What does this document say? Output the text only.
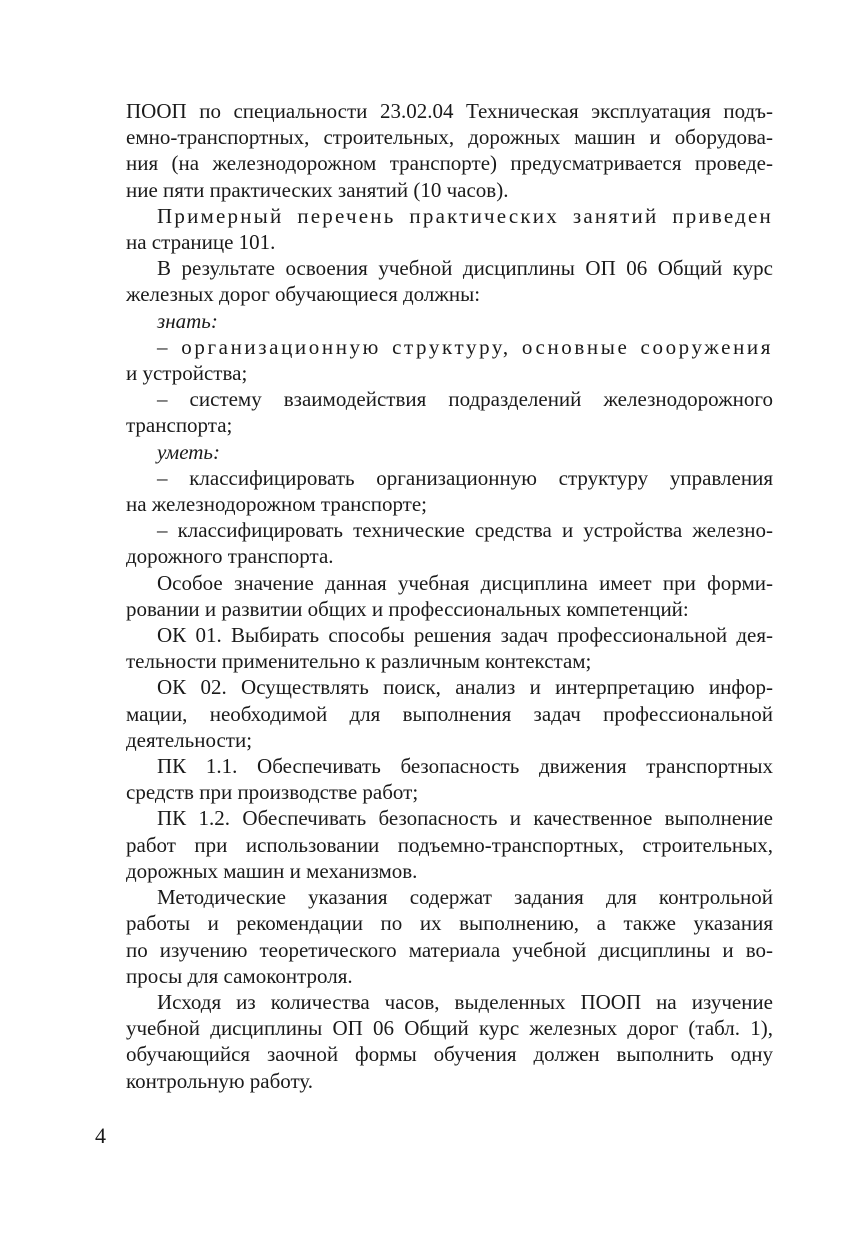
ПООП по специальности 23.02.04 Техническая эксплуатация подъ-
емно-транспортных, строительных, дорожных машин и оборудова-
ния (на железнодорожном транспорте) предусматривается проведе-
ние пяти практических занятий (10 часов).

Примерный перечень практических занятий приведен
на странице 101.

В результате освоения учебной дисциплины ОП 06 Общий курс
железных дорог обучающиеся должны:

знать:

– организационную структуру, основные сооружения
и устройства;

– систему взаимодействия подразделений железнодорожного
транспорта;

уметь:

– классифицировать организационную структуру управления
на железнодорожном транспорте;

– классифицировать технические средства и устройства железно-
дорожного транспорта.

Особое значение данная учебная дисциплина имеет при форми-
ровании и развитии общих и профессиональных компетенций:

ОК 01. Выбирать способы решения задач профессиональной дея-
тельности применительно к различным контекстам;

ОК 02. Осуществлять поиск, анализ и интерпретацию инфор-
мации, необходимой для выполнения задач профессиональной
деятельности;

ПК 1.1. Обеспечивать безопасность движения транспортных
средств при производстве работ;

ПК 1.2. Обеспечивать безопасность и качественное выполнение
работ при использовании подъемно-транспортных, строительных,
дорожных машин и механизмов.

Методические указания содержат задания для контрольной
работы и рекомендации по их выполнению, а также указания
по изучению теоретического материала учебной дисциплины и во-
просы для самоконтроля.

Исходя из количества часов, выделенных ПООП на изучение
учебной дисциплины ОП 06 Общий курс железных дорог (табл. 1),
обучающийся заочной формы обучения должен выполнить одну
контрольную работу.

4
